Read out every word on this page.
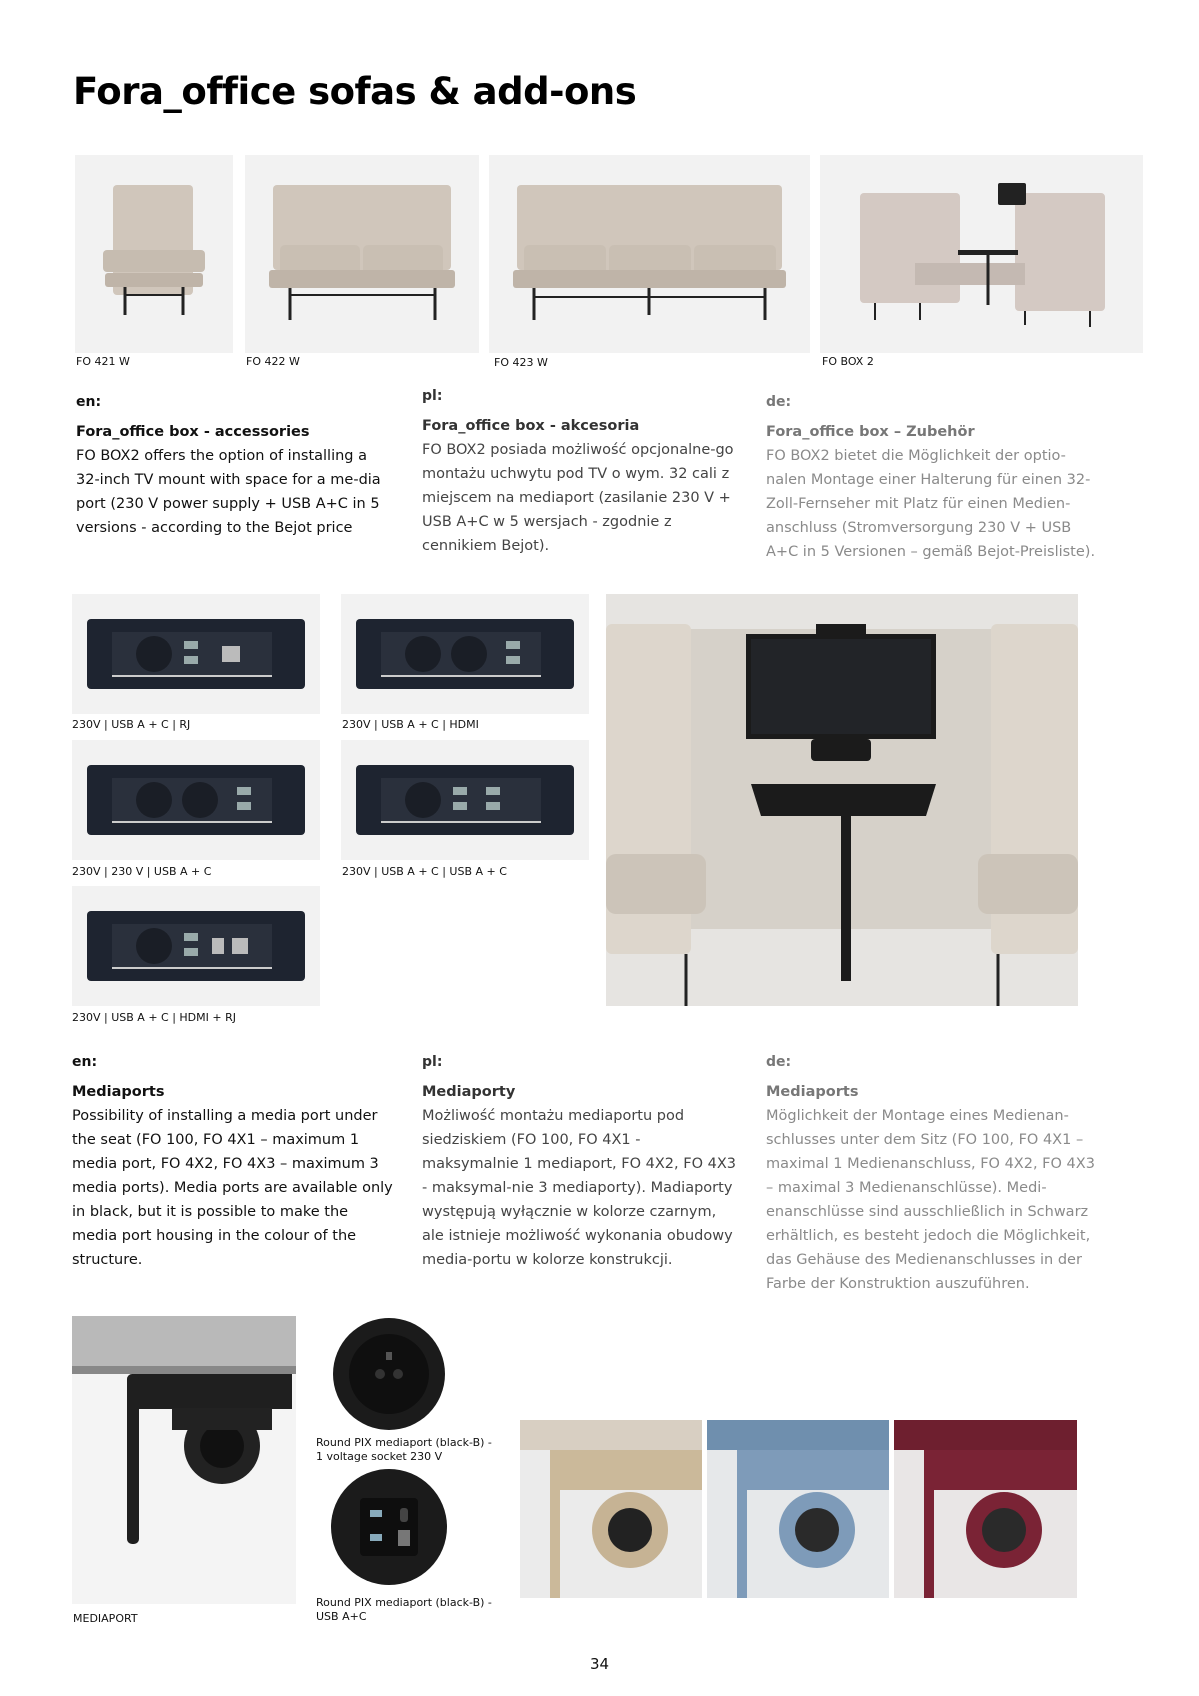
Fora_office sofas & add-ons
FO 421 W	FO 422 W	FO 423 W	FO BOX 2
en:
Fora_office box - accessories
FO BOX2 offers the option of installing a 32-inch TV mount with space for a me-dia port (230 V power supply + USB A+C in 5 versions - according to the Bejot price
pl:
Fora_office box - akcesoria
FO BOX2 posiada możliwość opcjonalne-go montażu uchwytu pod TV o wym. 32 cali z miejscem na mediaport (zasilanie 230 V + USB A+C w 5 wersjach - zgodnie z cennikiem Bejot).
de:
Fora_office box – Zubehör
FO BOX2 bietet die Möglichkeit der optio-nalen Montage einer Halterung für einen 32-Zoll-Fernseher mit Platz für einen Medien-anschluss (Stromversorgung 230 V + USB A+C in 5 Versionen – gemäß Bejot-Preisliste).
230V | USB A + C | RJ	230V | USB A + C | HDMI
230V | 230 V | USB A + C	230V | USB A + C | USB A + C
230V | USB A + C | HDMI + RJ
en:
Mediaports
Possibility of installing a media port under the seat (FO 100, FO 4X1 – maximum 1 media port, FO 4X2, FO 4X3 – maximum 3 media ports). Media ports are available only in black, but it is possible to make the media port housing in the colour of the structure.
pl:
Mediaporty
Możliwość montażu mediaportu pod siedziskiem (FO 100, FO 4X1 - maksymalnie 1 mediaport, FO 4X2, FO 4X3 - maksymal-nie 3 mediaporty). Madiaporty występują wyłącznie w kolorze czarnym, ale istnieje możliwość wykonania obudowy media-portu w kolorze konstrukcji.
de:
Mediaports
Möglichkeit der Montage eines Medienan-schlusses unter dem Sitz (FO 100, FO 4X1 – maximal 1 Medienanschluss, FO 4X2, FO 4X3 – maximal 3 Medienanschlüsse). Medi-enanschlüsse sind ausschließlich in Schwarz erhältlich, es besteht jedoch die Möglichkeit, das Gehäuse des Medienanschlusses in der Farbe der Konstruktion auszuführen.
MEDIAPORT
Round PIX mediaport (black-B) -
1 voltage socket 230 V
Round PIX mediaport (black-B) -
USB A+C
34
